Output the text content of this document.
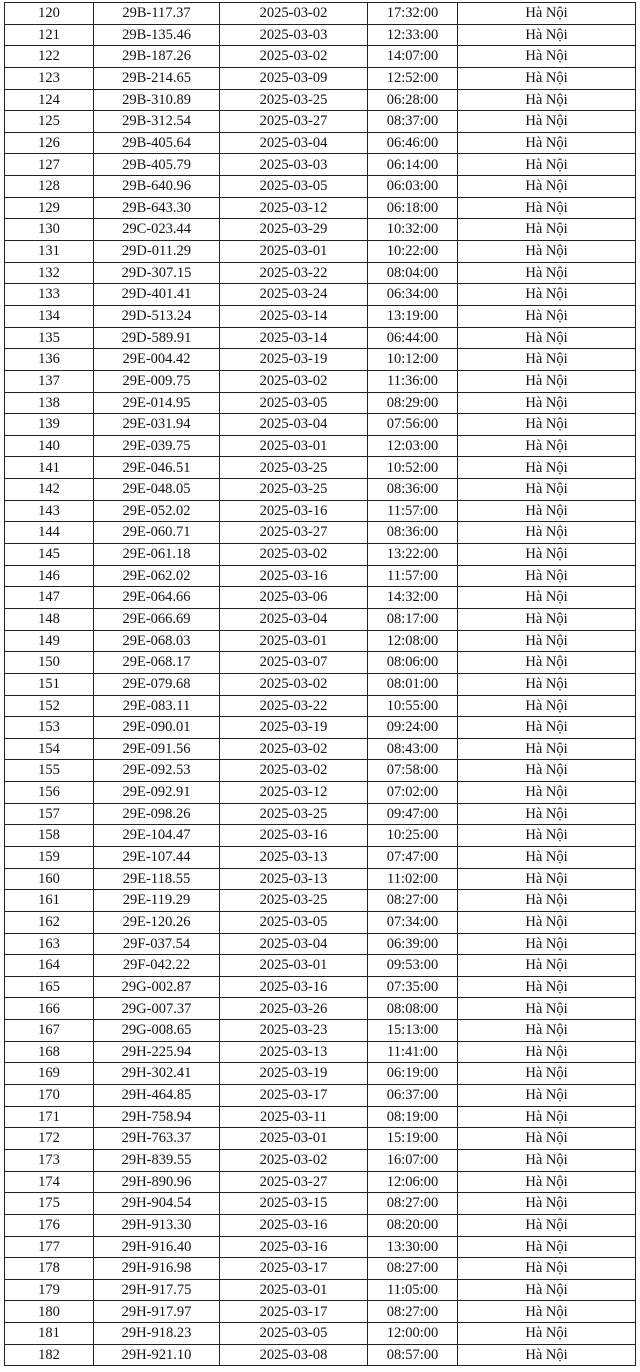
120	29B-117.37	2025-03-02	17:32:00	Hà Nội
121	29B-135.46	2025-03-03	12:33:00	Hà Nội
122	29B-187.26	2025-03-02	14:07:00	Hà Nội
123	29B-214.65	2025-03-09	12:52:00	Hà Nội
124	29B-310.89	2025-03-25	06:28:00	Hà Nội
125	29B-312.54	2025-03-27	08:37:00	Hà Nội
126	29B-405.64	2025-03-04	06:46:00	Hà Nội
127	29B-405.79	2025-03-03	06:14:00	Hà Nội
128	29B-640.96	2025-03-05	06:03:00	Hà Nội
129	29B-643.30	2025-03-12	06:18:00	Hà Nội
130	29C-023.44	2025-03-29	10:32:00	Hà Nội
131	29D-011.29	2025-03-01	10:22:00	Hà Nội
132	29D-307.15	2025-03-22	08:04:00	Hà Nội
133	29D-401.41	2025-03-24	06:34:00	Hà Nội
134	29D-513.24	2025-03-14	13:19:00	Hà Nội
135	29D-589.91	2025-03-14	06:44:00	Hà Nội
136	29E-004.42	2025-03-19	10:12:00	Hà Nội
137	29E-009.75	2025-03-02	11:36:00	Hà Nội
138	29E-014.95	2025-03-05	08:29:00	Hà Nội
139	29E-031.94	2025-03-04	07:56:00	Hà Nội
140	29E-039.75	2025-03-01	12:03:00	Hà Nội
141	29E-046.51	2025-03-25	10:52:00	Hà Nội
142	29E-048.05	2025-03-25	08:36:00	Hà Nội
143	29E-052.02	2025-03-16	11:57:00	Hà Nội
144	29E-060.71	2025-03-27	08:36:00	Hà Nội
145	29E-061.18	2025-03-02	13:22:00	Hà Nội
146	29E-062.02	2025-03-16	11:57:00	Hà Nội
147	29E-064.66	2025-03-06	14:32:00	Hà Nội
148	29E-066.69	2025-03-04	08:17:00	Hà Nội
149	29E-068.03	2025-03-01	12:08:00	Hà Nội
150	29E-068.17	2025-03-07	08:06:00	Hà Nội
151	29E-079.68	2025-03-02	08:01:00	Hà Nội
152	29E-083.11	2025-03-22	10:55:00	Hà Nội
153	29E-090.01	2025-03-19	09:24:00	Hà Nội
154	29E-091.56	2025-03-02	08:43:00	Hà Nội
155	29E-092.53	2025-03-02	07:58:00	Hà Nội
156	29E-092.91	2025-03-12	07:02:00	Hà Nội
157	29E-098.26	2025-03-25	09:47:00	Hà Nội
158	29E-104.47	2025-03-16	10:25:00	Hà Nội
159	29E-107.44	2025-03-13	07:47:00	Hà Nội
160	29E-118.55	2025-03-13	11:02:00	Hà Nội
161	29E-119.29	2025-03-25	08:27:00	Hà Nội
162	29E-120.26	2025-03-05	07:34:00	Hà Nội
163	29F-037.54	2025-03-04	06:39:00	Hà Nội
164	29F-042.22	2025-03-01	09:53:00	Hà Nội
165	29G-002.87	2025-03-16	07:35:00	Hà Nội
166	29G-007.37	2025-03-26	08:08:00	Hà Nội
167	29G-008.65	2025-03-23	15:13:00	Hà Nội
168	29H-225.94	2025-03-13	11:41:00	Hà Nội
169	29H-302.41	2025-03-19	06:19:00	Hà Nội
170	29H-464.85	2025-03-17	06:37:00	Hà Nội
171	29H-758.94	2025-03-11	08:19:00	Hà Nội
172	29H-763.37	2025-03-01	15:19:00	Hà Nội
173	29H-839.55	2025-03-02	16:07:00	Hà Nội
174	29H-890.96	2025-03-27	12:06:00	Hà Nội
175	29H-904.54	2025-03-15	08:27:00	Hà Nội
176	29H-913.30	2025-03-16	08:20:00	Hà Nội
177	29H-916.40	2025-03-16	13:30:00	Hà Nội
178	29H-916.98	2025-03-17	08:27:00	Hà Nội
179	29H-917.75	2025-03-01	11:05:00	Hà Nội
180	29H-917.97	2025-03-17	08:27:00	Hà Nội
181	29H-918.23	2025-03-05	12:00:00	Hà Nội
182	29H-921.10	2025-03-08	08:57:00	Hà Nội
